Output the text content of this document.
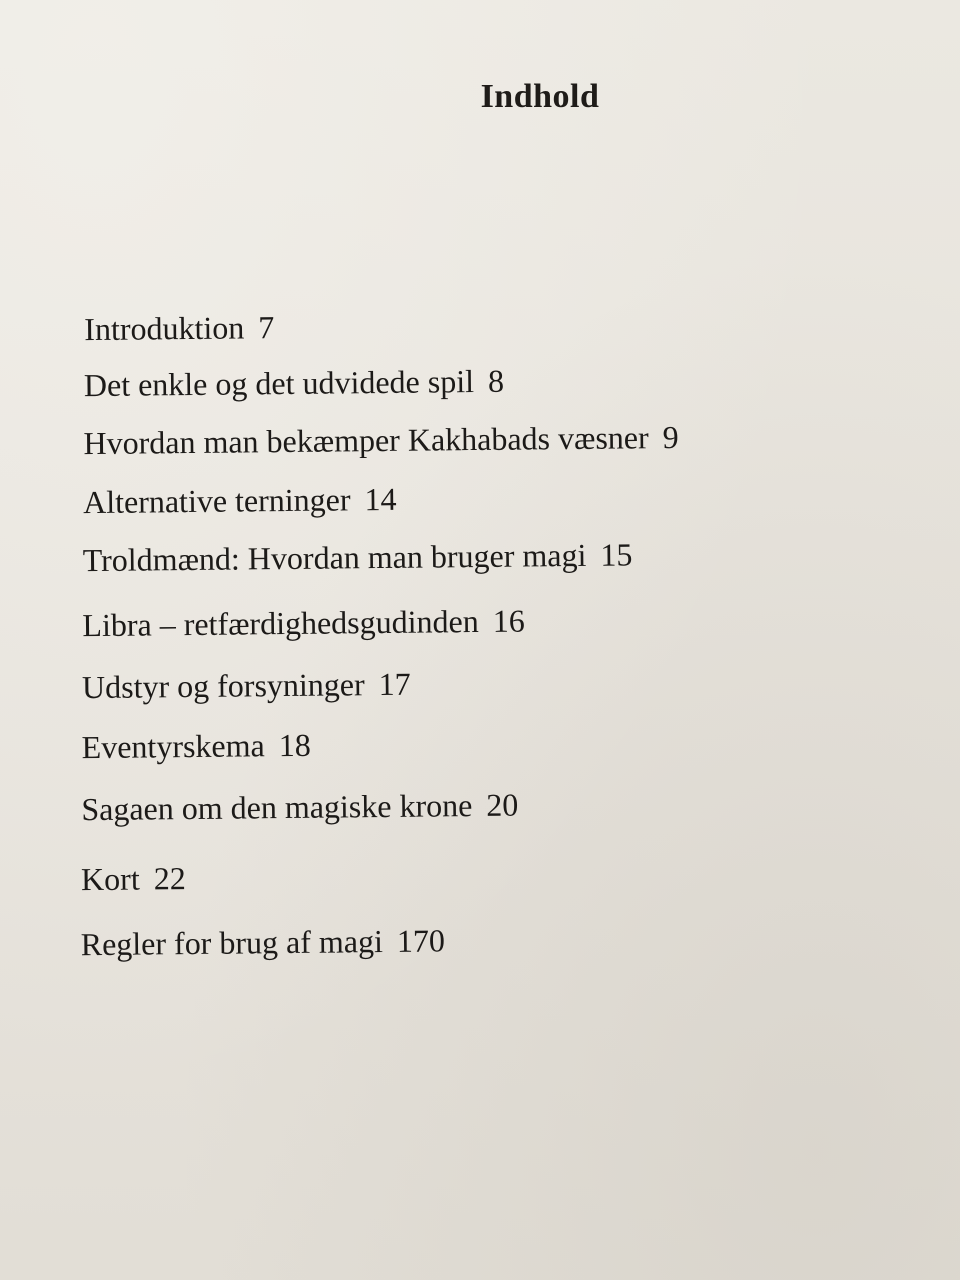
Indhold
Introduktion 7
Det enkle og det udvidede spil 8
Hvordan man bekæmper Kakhabads væsner 9
Alternative terninger 14
Troldmænd: Hvordan man bruger magi 15
Libra – retfærdighedsgudinden 16
Udstyr og forsyninger 17
Eventyrskema 18
Sagaen om den magiske krone 20
Kort 22
Regler for brug af magi 170
